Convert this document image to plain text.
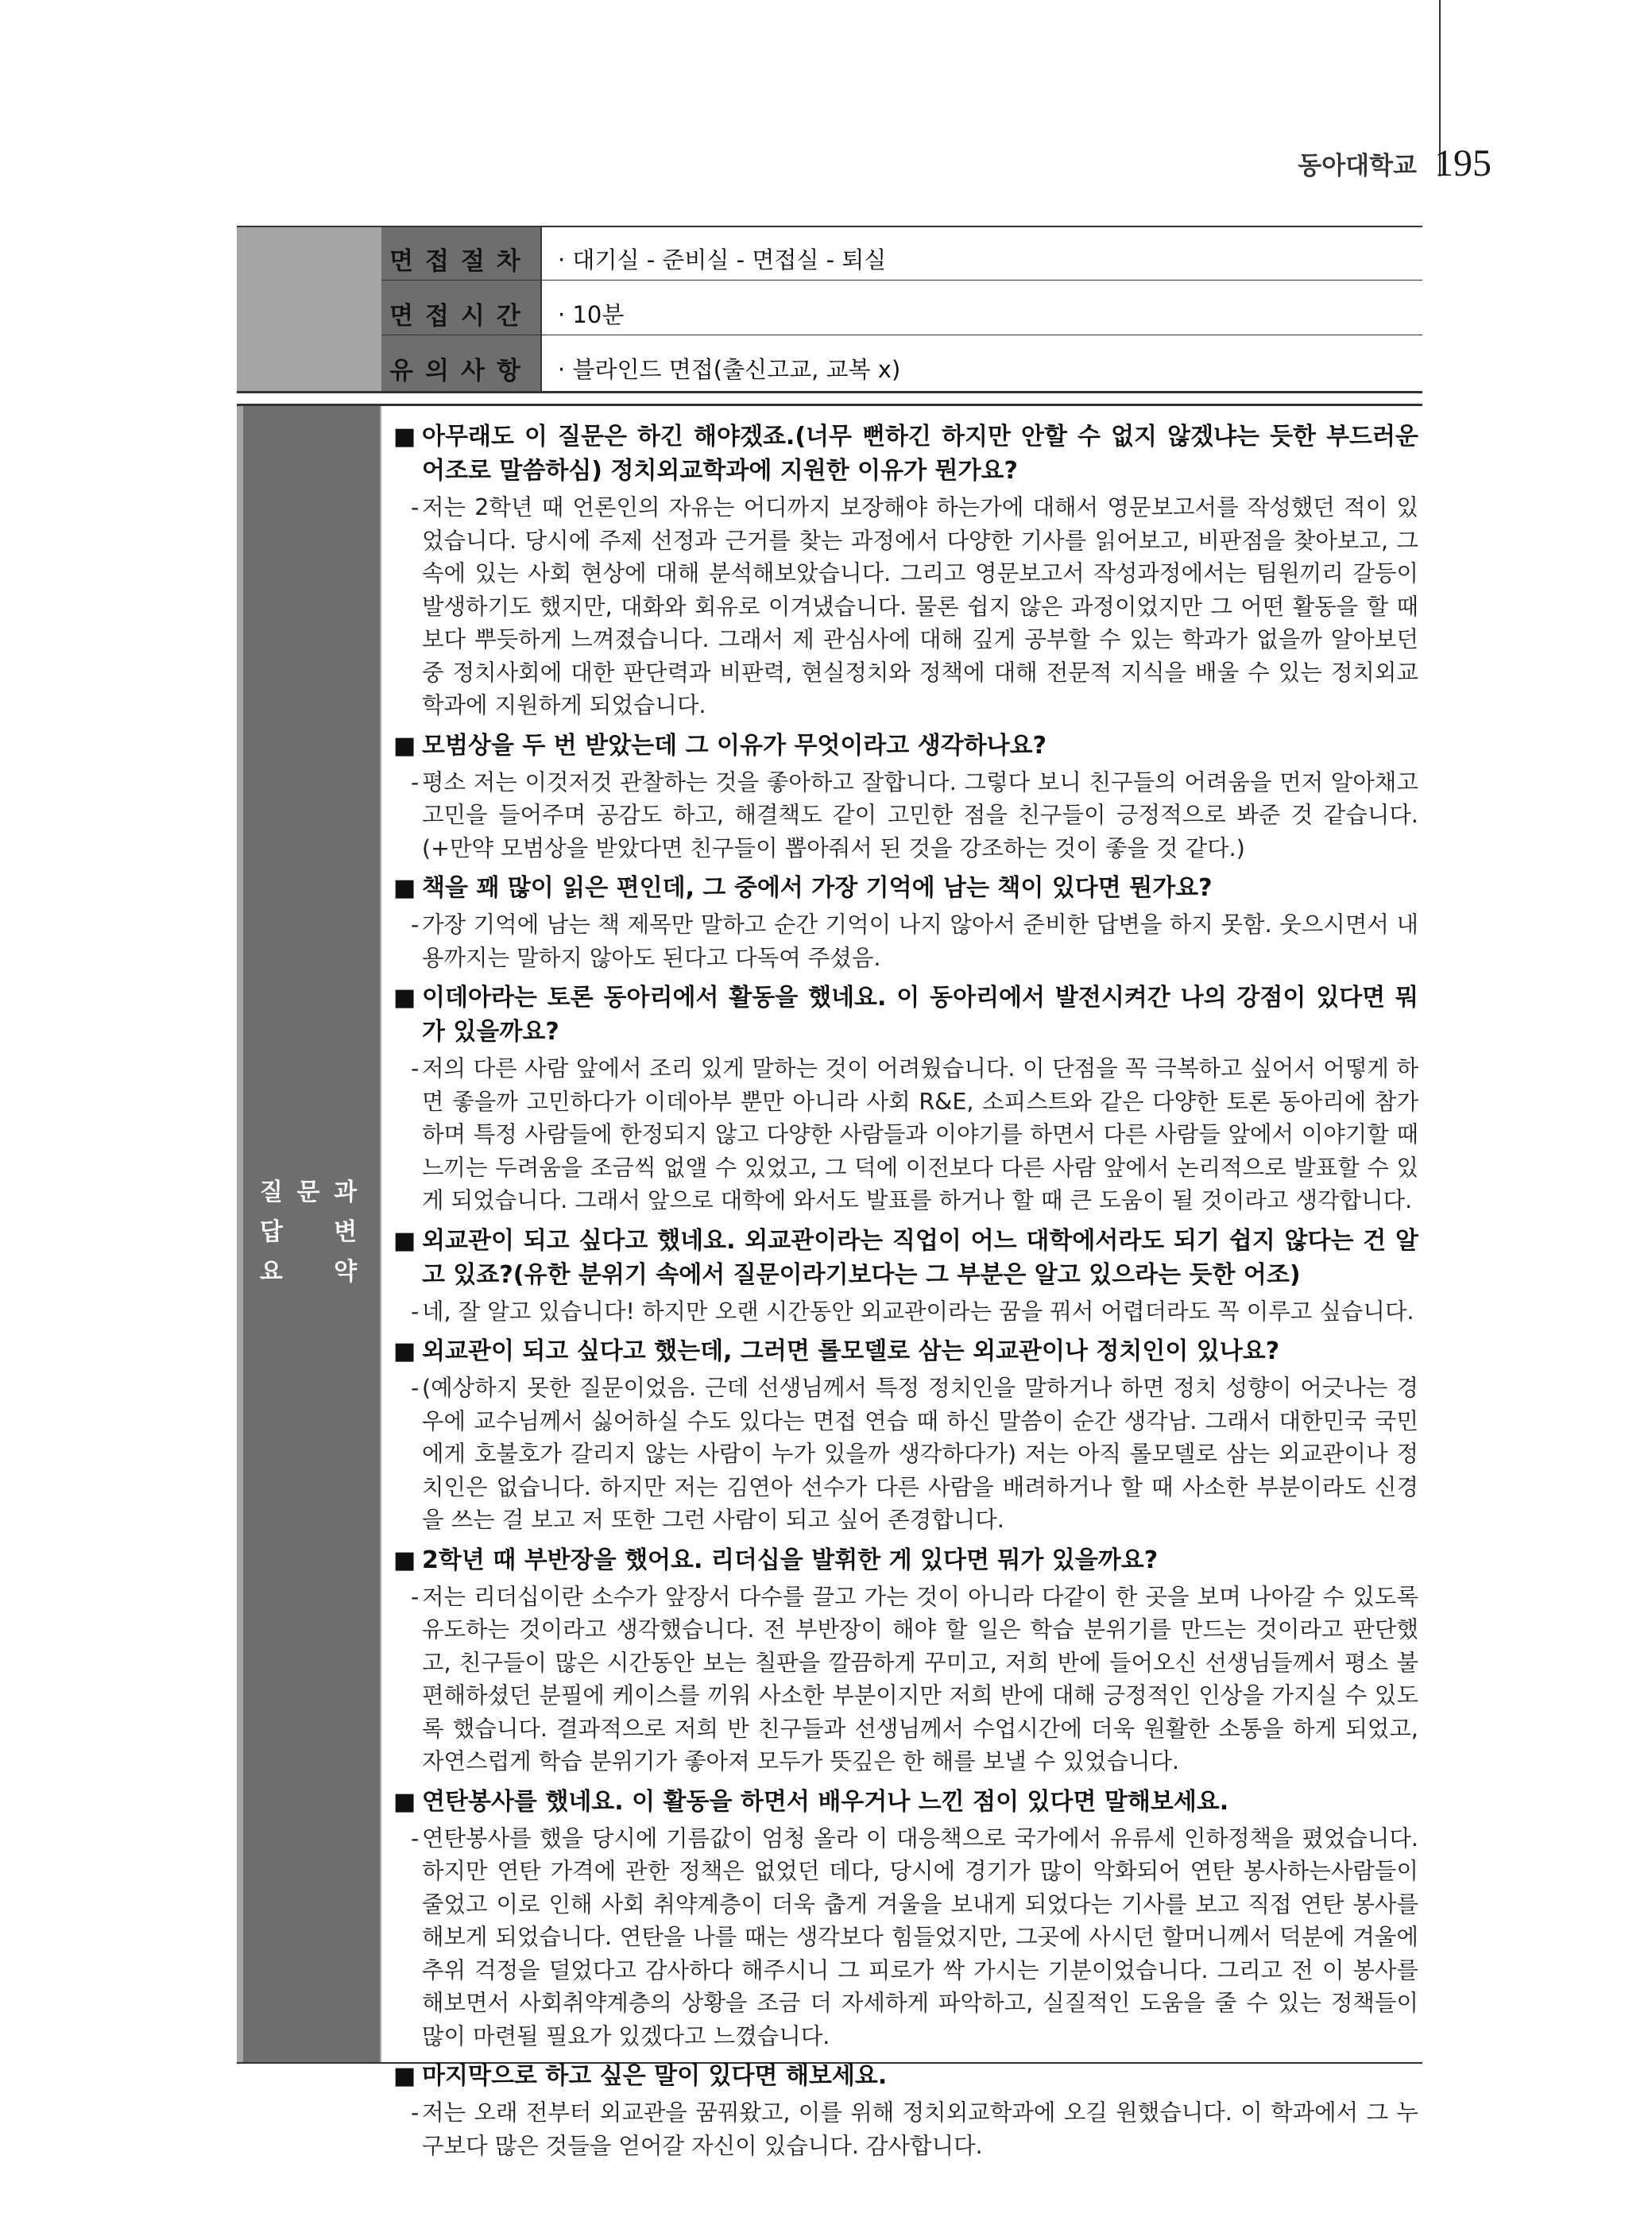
동아대학교 195
면접절차	· 대기실 - 준비실 - 면접실 - 퇴실
면접시간	· 10분
유의사항	· 블라인드 면접(출신고교, 교복 x)
질 문 과
답 변
요 약
■ 아무래도 이 질문은 하긴 해야겠죠.(너무 뻔하긴 하지만 안할 수 없지 않겠냐는 듯한 부드러운 어조로 말씀하심) 정치외교학과에 지원한 이유가 뭔가요?
- 저는 2학년 때 언론인의 자유는 어디까지 보장해야 하는가에 대해서 영문보고서를 작성했던 적이 있었습니다. 당시에 주제 선정과 근거를 찾는 과정에서 다양한 기사를 읽어보고, 비판점을 찾아보고, 그 속에 있는 사회 현상에 대해 분석해보았습니다. 그리고 영문보고서 작성과정에서는 팀원끼리 갈등이 발생하기도 했지만, 대화와 회유로 이겨냈습니다. 물론 쉽지 않은 과정이었지만 그 어떤 활동을 할 때보다 뿌듯하게 느껴졌습니다. 그래서 제 관심사에 대해 깊게 공부할 수 있는 학과가 없을까 알아보던 중 정치사회에 대한 판단력과 비판력, 현실정치와 정책에 대해 전문적 지식을 배울 수 있는 정치외교학과에 지원하게 되었습니다.
■ 모범상을 두 번 받았는데 그 이유가 무엇이라고 생각하나요?
- 평소 저는 이것저것 관찰하는 것을 좋아하고 잘합니다. 그렇다 보니 친구들의 어려움을 먼저 알아채고 고민을 들어주며 공감도 하고, 해결책도 같이 고민한 점을 친구들이 긍정적으로 봐준 것 같습니다. (+만약 모범상을 받았다면 친구들이 뽑아줘서 된 것을 강조하는 것이 좋을 것 같다.)
■ 책을 꽤 많이 읽은 편인데, 그 중에서 가장 기억에 남는 책이 있다면 뭔가요?
- 가장 기억에 남는 책 제목만 말하고 순간 기억이 나지 않아서 준비한 답변을 하지 못함. 웃으시면서 내용까지는 말하지 않아도 된다고 다독여 주셨음.
■ 이데아라는 토론 동아리에서 활동을 했네요. 이 동아리에서 발전시켜간 나의 강점이 있다면 뭐가 있을까요?
- 저의 다른 사람 앞에서 조리 있게 말하는 것이 어려웠습니다. 이 단점을 꼭 극복하고 싶어서 어떻게 하면 좋을까 고민하다가 이데아부 뿐만 아니라 사회 R&E, 소피스트와 같은 다양한 토론 동아리에 참가하며 특정 사람들에 한정되지 않고 다양한 사람들과 이야기를 하면서 다른 사람들 앞에서 이야기할 때 느끼는 두려움을 조금씩 없앨 수 있었고, 그 덕에 이전보다 다른 사람 앞에서 논리적으로 발표할 수 있게 되었습니다. 그래서 앞으로 대학에 와서도 발표를 하거나 할 때 큰 도움이 될 것이라고 생각합니다.
■ 외교관이 되고 싶다고 했네요. 외교관이라는 직업이 어느 대학에서라도 되기 쉽지 않다는 건 알고 있죠?(유한 분위기 속에서 질문이라기보다는 그 부분은 알고 있으라는 듯한 어조)
- 네, 잘 알고 있습니다! 하지만 오랜 시간동안 외교관이라는 꿈을 꿔서 어렵더라도 꼭 이루고 싶습니다.
■ 외교관이 되고 싶다고 했는데, 그러면 롤모델로 삼는 외교관이나 정치인이 있나요?
- (예상하지 못한 질문이었음. 근데 선생님께서 특정 정치인을 말하거나 하면 정치 성향이 어긋나는 경우에 교수님께서 싫어하실 수도 있다는 면접 연습 때 하신 말씀이 순간 생각남. 그래서 대한민국 국민에게 호불호가 갈리지 않는 사람이 누가 있을까 생각하다가) 저는 아직 롤모델로 삼는 외교관이나 정치인은 없습니다. 하지만 저는 김연아 선수가 다른 사람을 배려하거나 할 때 사소한 부분이라도 신경을 쓰는 걸 보고 저 또한 그런 사람이 되고 싶어 존경합니다.
■ 2학년 때 부반장을 했어요. 리더십을 발휘한 게 있다면 뭐가 있을까요?
- 저는 리더십이란 소수가 앞장서 다수를 끌고 가는 것이 아니라 다같이 한 곳을 보며 나아갈 수 있도록 유도하는 것이라고 생각했습니다. 전 부반장이 해야 할 일은 학습 분위기를 만드는 것이라고 판단했고, 친구들이 많은 시간동안 보는 칠판을 깔끔하게 꾸미고, 저희 반에 들어오신 선생님들께서 평소 불편해하셨던 분필에 케이스를 끼워 사소한 부분이지만 저희 반에 대해 긍정적인 인상을 가지실 수 있도록 했습니다. 결과적으로 저희 반 친구들과 선생님께서 수업시간에 더욱 원활한 소통을 하게 되었고, 자연스럽게 학습 분위기가 좋아져 모두가 뜻깊은 한 해를 보낼 수 있었습니다.
■ 연탄봉사를 했네요. 이 활동을 하면서 배우거나 느낀 점이 있다면 말해보세요.
- 연탄봉사를 했을 당시에 기름값이 엄청 올라 이 대응책으로 국가에서 유류세 인하정책을 폈었습니다. 하지만 연탄 가격에 관한 정책은 없었던 데다, 당시에 경기가 많이 악화되어 연탄 봉사하는사람들이 줄었고 이로 인해 사회 취약계층이 더욱 춥게 겨울을 보내게 되었다는 기사를 보고 직접 연탄 봉사를 해보게 되었습니다. 연탄을 나를 때는 생각보다 힘들었지만, 그곳에 사시던 할머니께서 덕분에 겨울에 추위 걱정을 덜었다고 감사하다 해주시니 그 피로가 싹 가시는 기분이었습니다. 그리고 전 이 봉사를 해보면서 사회취약계층의 상황을 조금 더 자세하게 파악하고, 실질적인 도움을 줄 수 있는 정책들이 많이 마련될 필요가 있겠다고 느꼈습니다.
■ 마지막으로 하고 싶은 말이 있다면 해보세요.
- 저는 오래 전부터 외교관을 꿈꿔왔고, 이를 위해 정치외교학과에 오길 원했습니다. 이 학과에서 그 누구보다 많은 것들을 얻어갈 자신이 있습니다. 감사합니다.
